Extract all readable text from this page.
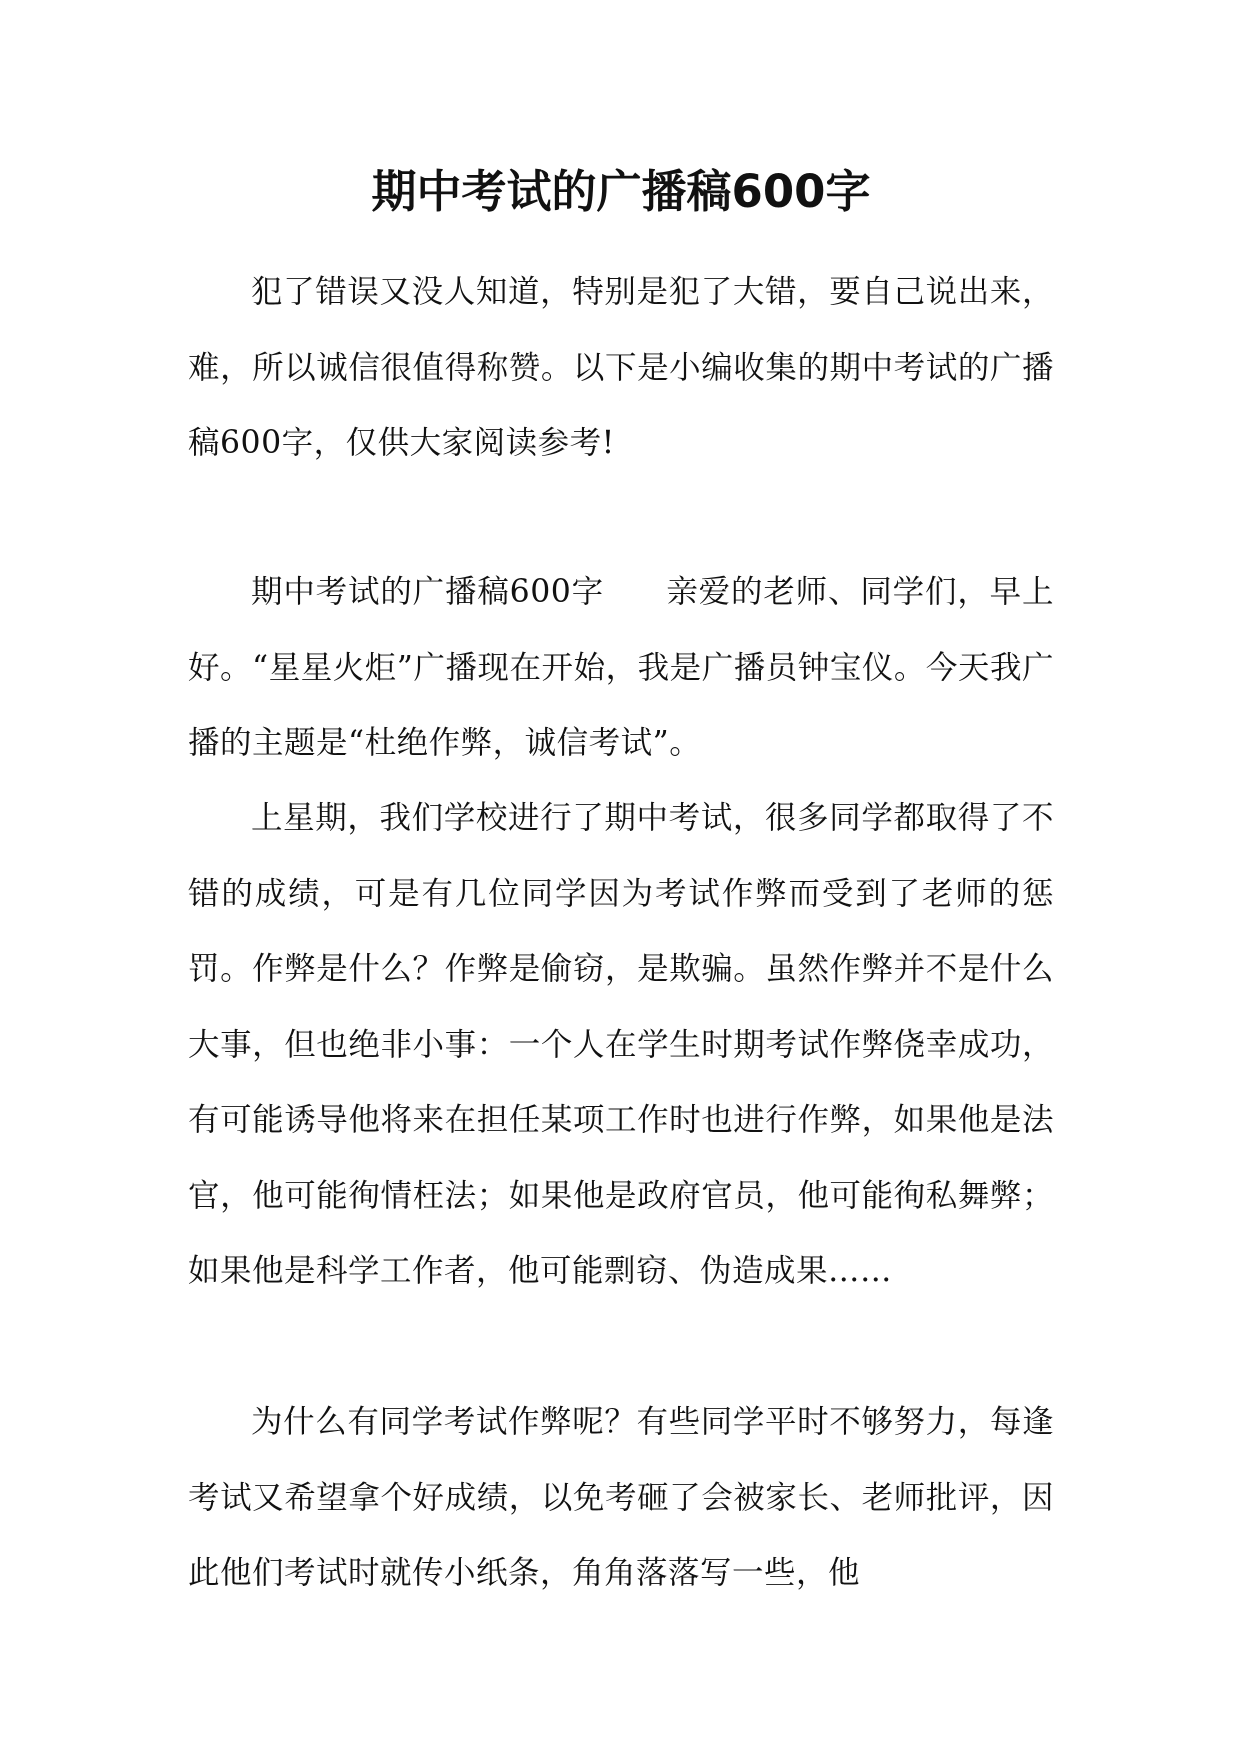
期中考试的广播稿600字

犯了错误又没人知道，特别是犯了大错，要自己说出来，难，所以诚信很值得称赞。以下是小编收集的期中考试的广播稿600字，仅供大家阅读参考!

期中考试的广播稿600字 亲爱的老师、同学们，早上好。“星星火炬”广播现在开始，我是广播员钟宝仪。今天我广播的主题是“杜绝作弊，诚信考试”。

上星期，我们学校进行了期中考试，很多同学都取得了不错的成绩，可是有几位同学因为考试作弊而受到了老师的惩罚。作弊是什么？作弊是偷窃，是欺骗。虽然作弊并不是什么大事，但也绝非小事：一个人在学生时期考试作弊侥幸成功，有可能诱导他将来在担任某项工作时也进行作弊，如果他是法官，他可能徇情枉法；如果他是政府官员，他可能徇私舞弊；如果他是科学工作者，他可能剽窃、伪造成果……

为什么有同学考试作弊呢？有些同学平时不够努力，每逢考试又希望拿个好成绩，以免考砸了会被家长、老师批评，因此他们考试时就传小纸条，角角落落写一些，他
